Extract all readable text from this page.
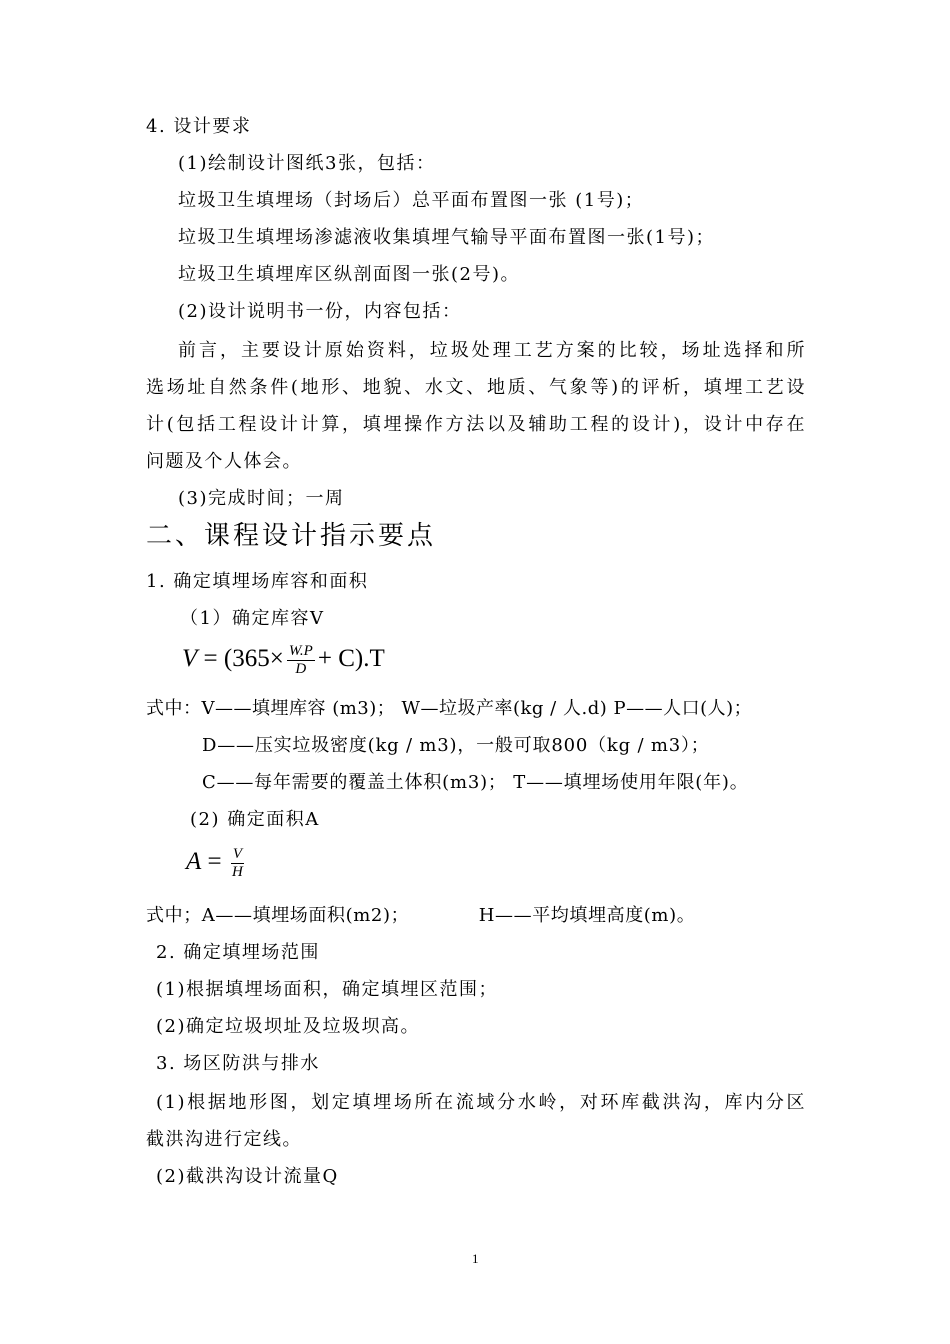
4. 设计要求
(1)绘制设计图纸3张，包括：
垃圾卫生填埋场（封场后）总平面布置图一张 (1号)；
垃圾卫生填埋场渗滤液收集填埋气输导平面布置图一张(1号)；
垃圾卫生填埋库区纵剖面图一张(2号)。
(2)设计说明书一份，内容包括：
前言，主要设计原始资料，垃圾处理工艺方案的比较，场址选择和所
选场址自然条件(地形、地貌、水文、地质、气象等)的评析，填埋工艺设
计(包括工程设计计算，填埋操作方法以及辅助工程的设计)，设计中存在
问题及个人体会。
(3)完成时间；一周
二、课程设计指示要点
1. 确定填埋场库容和面积
（1）确定库容V
$V = (365\times \frac{W.P}{D} + C).T$
式中：V——填埋库容 (m3)； W—垃圾产率(kg / 人.d) P——人口(人)；
D——压实垃圾密度(kg / m3)，一般可取800（kg / m3）；
C——每年需要的覆盖土体积(m3)； T——填埋场使用年限(年)。
(2) 确定面积A
$A = \frac{V}{H}$
式中；A——填埋场面积(m2)；           H——平均填埋高度(m)。
2. 确定填埋场范围
(1)根据填埋场面积，确定填埋区范围；
(2)确定垃圾坝址及垃圾坝高。
3. 场区防洪与排水
(1)根据地形图，划定填埋场所在流域分水岭，对环库截洪沟，库内分区
截洪沟进行定线。
(2)截洪沟设计流量Q
1
